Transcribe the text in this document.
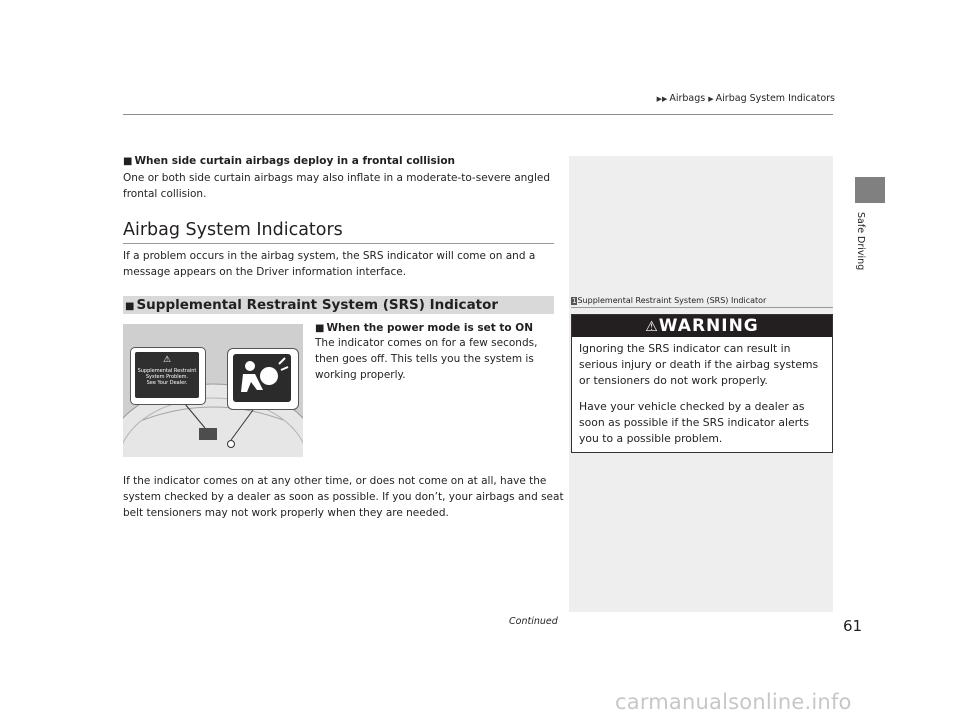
▶▶ Airbags ▶ Airbag System Indicators
Safe Driving
■ When side curtain airbags deploy in a frontal collision
One or both side curtain airbags may also inflate in a moderate-to-severe angled
frontal collision.
Airbag System Indicators
If a problem occurs in the airbag system, the SRS indicator will come on and a
message appears on the Driver information interface.
■ Supplemental Restraint System (SRS) Indicator
⚠
Supplemental Restraint
System Problem.
See Your Dealer.
■ When the power mode is set to ON
The indicator comes on for a few seconds,
then goes off. This tells you the system is
working properly.
If the indicator comes on at any other time, or does not come on at all, have the
system checked by a dealer as soon as possible. If you don’t, your airbags and seat
belt tensioners may not work properly when they are needed.
1Supplemental Restraint System (SRS) Indicator
⚠WARNING
Ignoring the SRS indicator can result in
serious injury or death if the airbag systems
or tensioners do not work properly.
Have your vehicle checked by a dealer as
soon as possible if the SRS indicator alerts
you to a possible problem.
Continued	61
carmanualsonline.info
